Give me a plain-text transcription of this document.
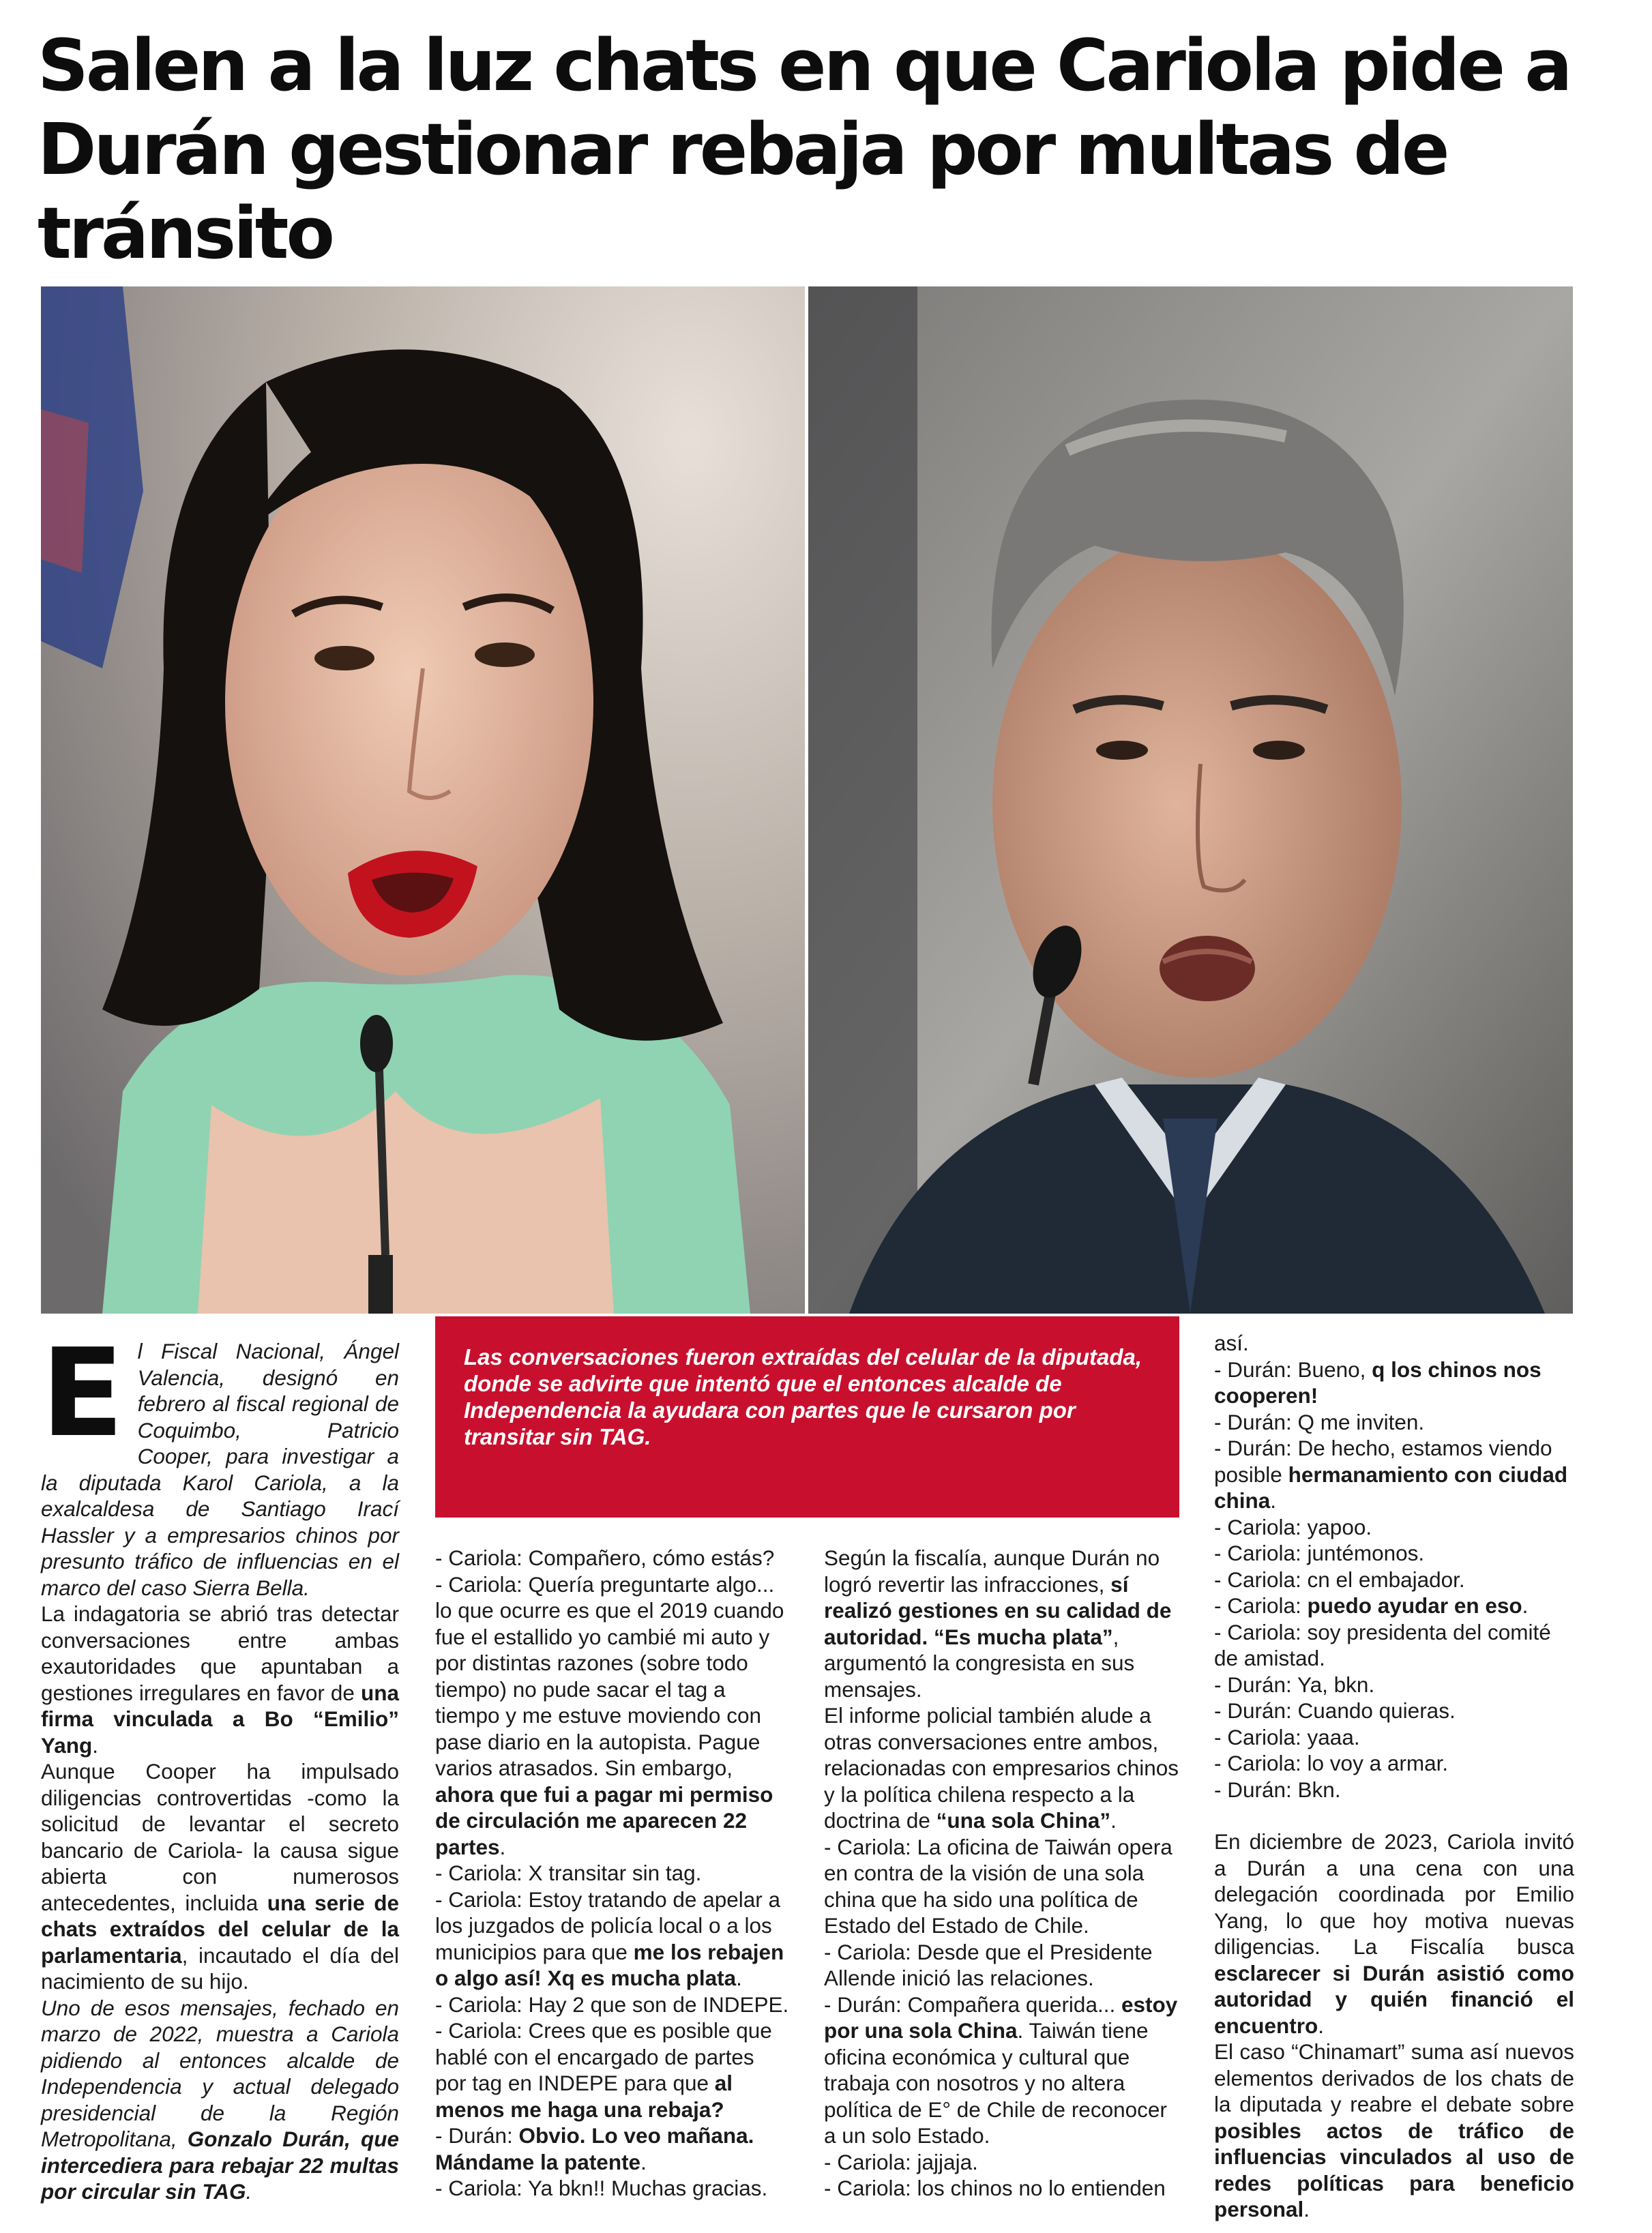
Salen a la luz chats en que Cariola pide a Durán gestionar rebaja por multas de tránsito
E l Fiscal Nacional, Ángel Valencia, designó en febrero al fiscal regional de Coquimbo, Patricio Cooper, para investigar a la diputada Karol Cariola, a la exalcaldesa de Santiago Irací Hassler y a empresarios chinos por presunto tráfico de influencias en el marco del caso Sierra Bella.

La indagatoria se abrió tras detectar conversaciones entre ambas exautoridades que apuntaban a gestiones irregulares en favor de una firma vinculada a Bo “Emilio” Yang.

Aunque Cooper ha impulsado diligencias controvertidas -como la solicitud de levantar el secreto bancario de Cariola- la causa sigue abierta con numerosos antecedentes, incluida una serie de chats extraídos del celular de la parlamentaria, incautado el día del nacimiento de su hijo.

Uno de esos mensajes, fechado en marzo de 2022, muestra a Cariola pidiendo al entonces alcalde de Independencia y actual delegado presidencial de la Región Metropolitana, Gonzalo Durán, que intercediera para rebajar 22 multas por circular sin TAG.

Las conversaciones fueron extraídas del celular de la diputada, donde se advirte que intentó que el entonces alcalde de Independencia la ayudara con partes que le cursaron por transitar sin TAG.

- Cariola: Compañero, cómo estás?
- Cariola: Quería preguntarte algo... lo que ocurre es que el 2019 cuando fue el estallido yo cambié mi auto y por distintas razones (sobre todo tiempo) no pude sacar el tag a tiempo y me estuve moviendo con pase diario en la autopista. Pague varios atrasados. Sin embargo, ahora que fui a pagar mi permiso de circulación me aparecen 22 partes.
- Cariola: X transitar sin tag.
- Cariola: Estoy tratando de apelar a los juzgados de policía local o a los municipios para que me los rebajen o algo así! Xq es mucha plata.
- Cariola: Hay 2 que son de INDEPE.
- Cariola: Crees que es posible que hablé con el encargado de partes por tag en INDEPE para que al menos me haga una rebaja?
- Durán: Obvio. Lo veo mañana. Mándame la patente.
- Cariola: Ya bkn!! Muchas gracias.

Según la fiscalía, aunque Durán no logró revertir las infracciones, sí realizó gestiones en su calidad de autoridad. “Es mucha plata”, argumentó la congresista en sus mensajes.

El informe policial también alude a otras conversaciones entre ambos, relacionadas con empresarios chinos y la política chilena respecto a la doctrina de “una sola China”.

- Cariola: La oficina de Taiwán opera en contra de la visión de una sola china que ha sido una política de Estado del Estado de Chile.
- Cariola: Desde que el Presidente Allende inició las relaciones.
- Durán: Compañera querida... estoy por una sola China. Taiwán tiene oficina económica y cultural que trabaja con nosotros y no altera política de E° de Chile de reconocer a un solo Estado.
- Cariola: jajjaja.
- Cariola: los chinos no lo entienden
así.
- Durán: Bueno, q los chinos nos cooperen!
- Durán: Q me inviten.
- Durán: De hecho, estamos viendo posible hermanamiento con ciudad china.
- Cariola: yapoo.
- Cariola: juntémonos.
- Cariola: cn el embajador.
- Cariola: puedo ayudar en eso.
- Cariola: soy presidenta del comité de amistad.
- Durán: Ya, bkn.
- Durán: Cuando quieras.
- Cariola: yaaa.
- Cariola: lo voy a armar.
- Durán: Bkn.

En diciembre de 2023, Cariola invitó a Durán a una cena con una delegación coordinada por Emilio Yang, lo que hoy motiva nuevas diligencias. La Fiscalía busca esclarecer si Durán asistió como autoridad y quién financió el encuentro.

El caso “Chinamart” suma así nuevos elementos derivados de los chats de la diputada y reabre el debate sobre posibles actos de tráfico de influencias vinculados al uso de redes políticas para beneficio personal.
